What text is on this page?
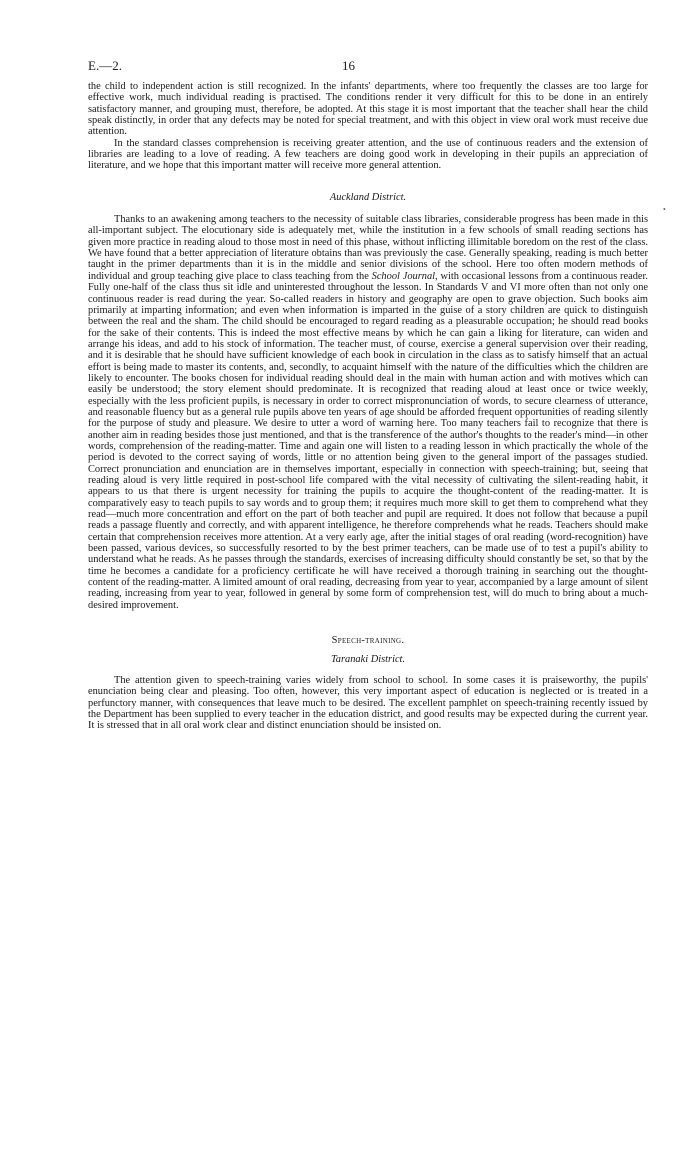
E.—2.	16
•

the child to independent action is still recognized. In the infants' departments, where too frequently the classes are too large for effective work, much individual reading is practised. The conditions render it very difficult for this to be done in an entirely satisfactory manner, and grouping must, therefore, be adopted. At this stage it is most important that the teacher shall hear the child speak distinctly, in order that any defects may be noted for special treatment, and with this object in view oral work must receive due attention.

In the standard classes comprehension is receiving greater attention, and the use of continuous readers and the extension of libraries are leading to a love of reading. A few teachers are doing good work in developing in their pupils an appreciation of literature, and we hope that this important matter will receive more general attention.

Auckland District.

Thanks to an awakening among teachers to the necessity of suitable class libraries, considerable progress has been made in this all-important subject. The elocutionary side is adequately met, while the institution in a few schools of small reading sections has given more practice in reading aloud to those most in need of this phase, without inflicting illimitable boredom on the rest of the class. We have found that a better appreciation of literature obtains than was previously the case. Generally speaking, reading is much better taught in the primer departments than it is in the middle and senior divisions of the school. Here too often modern methods of individual and group teaching give place to class teaching from the School Journal, with occasional lessons from a continuous reader. Fully one-half of the class thus sit idle and uninterested throughout the lesson. In Standards V and VI more often than not only one continuous reader is read during the year. So-called readers in history and geography are open to grave objection. Such books aim primarily at imparting information; and even when information is imparted in the guise of a story children are quick to distinguish between the real and the sham. The child should be encouraged to regard reading as a pleasurable occupation; he should read books for the sake of their contents. This is indeed the most effective means by which he can gain a liking for literature, can widen and arrange his ideas, and add to his stock of information. The teacher must, of course, exercise a general supervision over their reading, and it is desirable that he should have sufficient knowledge of each book in circulation in the class as to satisfy himself that an actual effort is being made to master its contents, and, secondly, to acquaint himself with the nature of the difficulties which the children are likely to encounter. The books chosen for individual reading should deal in the main with human action and with motives which can easily be understood; the story element should predominate. It is recognized that reading aloud at least once or twice weekly, especially with the less proficient pupils, is necessary in order to correct mispronunciation of words, to secure clearness of utterance, and reasonable fluency but as a general rule pupils above ten years of age should be afforded frequent opportunities of reading silently for the purpose of study and pleasure. We desire to utter a word of warning here. Too many teachers fail to recognize that there is another aim in reading besides those just mentioned, and that is the transference of the author's thoughts to the reader's mind—in other words, comprehension of the reading-matter. Time and again one will listen to a reading lesson in which practically the whole of the period is devoted to the correct saying of words, little or no attention being given to the general import of the passages studied. Correct pronunciation and enunciation are in themselves important, especially in connection with speech-training; but, seeing that reading aloud is very little required in post-school life compared with the vital necessity of cultivating the silent-reading habit, it appears to us that there is urgent necessity for training the pupils to acquire the thought-content of the reading-matter. It is comparatively easy to teach pupils to say words and to group them; it requires much more skill to get them to comprehend what they read—much more concentration and effort on the part of both teacher and pupil are required. It does not follow that because a pupil reads a passage fluently and correctly, and with apparent intelligence, he therefore comprehends what he reads. Teachers should make certain that comprehension receives more attention. At a very early age, after the initial stages of oral reading (word-recognition) have been passed, various devices, so successfully resorted to by the best primer teachers, can be made use of to test a pupil's ability to understand what he reads. As he passes through the standards, exercises of increasing difficulty should constantly be set, so that by the time he becomes a candidate for a proficiency certificate he will have received a thorough training in searching out the thought-content of the reading-matter. A limited amount of oral reading, decreasing from year to year, accompanied by a large amount of silent reading, increasing from year to year, followed in general by some form of comprehension test, will do much to bring about a much-desired improvement.

Speech-training.

Taranaki District.

The attention given to speech-training varies widely from school to school. In some cases it is praiseworthy, the pupils' enunciation being clear and pleasing. Too often, however, this very important aspect of education is neglected or is treated in a perfunctory manner, with consequences that leave much to be desired. The excellent pamphlet on speech-training recently issued by the Department has been supplied to every teacher in the education district, and good results may be expected during the current year. It is stressed that in all oral work clear and distinct enunciation should be insisted on.
